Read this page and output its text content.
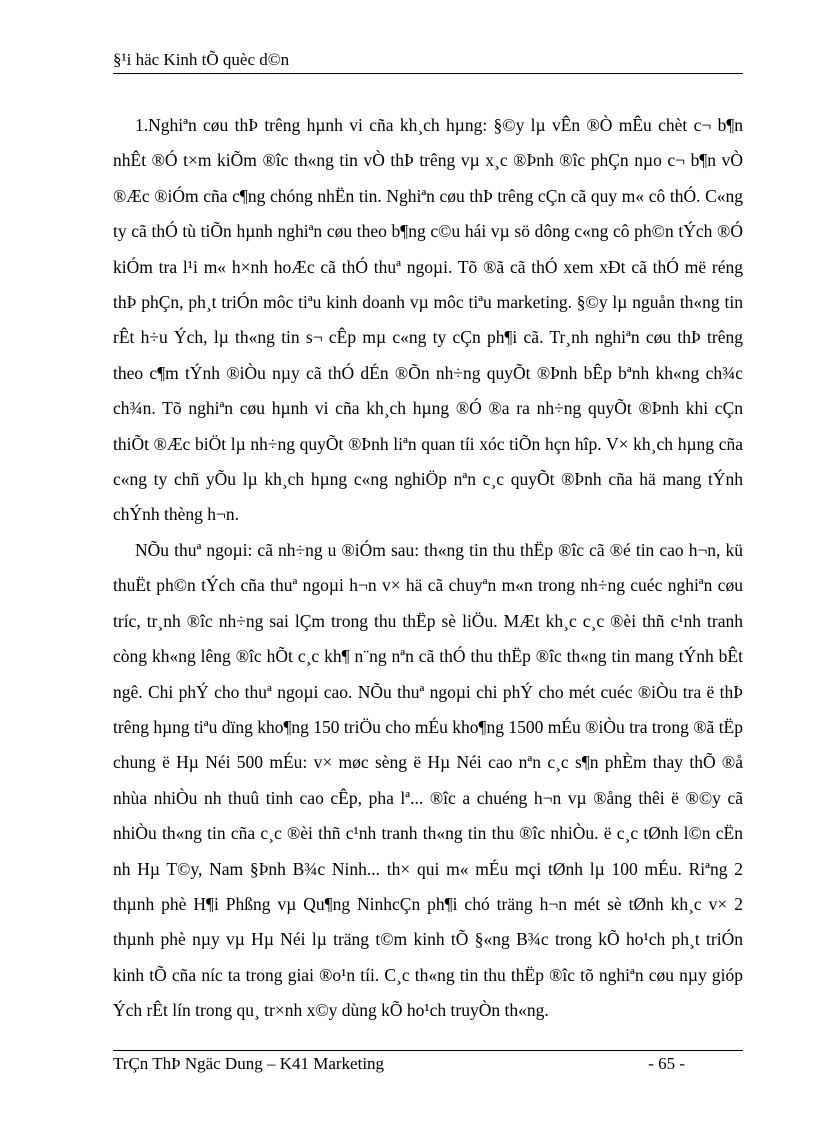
§¹i häc Kinh tÕ quèc d©n

1.Nghiªn cøu thÞ trêng hµnh vi cña kh¸ch hµng: §©y lµ vÊn ®Ò mÊu chèt c¬ b¶n nhÊt ®Ó t×m kiÕm ®îc th«ng tin vÒ thÞ trêng vµ x¸c ®Þnh ®îc phÇn nµo c¬ b¶n vÒ ®Æc ®iÓm cña c¶ng chóng nhËn tin. Nghiªn cøu thÞ trêng cÇn cã quy m« cô thÓ. C«ng ty cã thÓ tù tiÕn hµnh nghiªn cøu theo b¶ng c©u hái vµ sö dông c«ng cô ph©n tÝch ®Ó kiÓm tra l¹i m« h×nh hoÆc cã thÓ thuª ngoµi. Tõ ®ã cã thÓ xem xÐt cã thÓ më réng thÞ phÇn, ph¸t triÓn môc tiªu kinh doanh vµ môc tiªu marketing. §©y lµ nguån th«ng tin rÊt h÷u Ých, lµ th«ng tin s¬ cÊp mµ c«ng ty cÇn ph¶i cã. Tr¸nh nghiªn cøu thÞ trêng theo c¶m tÝnh ®iÒu nµy cã thÓ dÉn ®Õn nh÷ng quyÕt ®Þnh bÊp bªnh kh«ng ch¾c ch¾n. Tõ nghiªn cøu hµnh vi cña kh¸ch hµng ®Ó ®a ra nh÷ng quyÕt ®Þnh khi cÇn thiÕt ®Æc biÖt lµ nh÷ng quyÕt ®Þnh liªn quan tíi xóc tiÕn hçn hîp. V× kh¸ch hµng cña c«ng ty chñ yÕu lµ kh¸ch hµng c«ng nghiÖp nªn c¸c quyÕt ®Þnh cña hä mang tÝnh chÝnh thèng h¬n.

NÕu thuª ngoµi: cã nh÷ng u ®iÓm sau: th«ng tin thu thËp ®îc cã ®é tin cao h¬n, kü thuËt ph©n tÝch cña thuª ngoµi h¬n v× hä cã chuyªn m«n trong nh÷ng cuéc nghiªn cøu tríc, tr¸nh ®îc nh÷ng sai lÇm trong thu thËp sè liÖu. MÆt kh¸c c¸c ®èi thñ c¹nh tranh còng kh«ng lêng ®îc hÕt c¸c kh¶ n¨ng nªn cã thÓ thu thËp ®îc th«ng tin mang tÝnh bÊt ngê. Chi phÝ cho thuª ngoµi cao. NÕu thuª ngoµi chi phÝ cho mét cuéc ®iÒu tra ë thÞ trêng hµng tiªu dïng kho¶ng 150 triÖu cho mÉu kho¶ng 1500 mÉu ®iÒu tra trong ®ã tËp chung ë Hµ Néi 500 mÉu: v× møc sèng ë Hµ Néi cao nªn c¸c s¶n phÈm thay thÕ ®å nhùa nhiÒu nh thuû tinh cao cÊp, pha lª... ®îc a chuéng h¬n vµ ®ång thêi ë ®©y cã nhiÒu th«ng tin cña c¸c ®èi thñ c¹nh tranh th«ng tin thu ®îc nhiÒu. ë c¸c tØnh l©n cËn nh Hµ T©y, Nam §Þnh B¾c Ninh... th× qui m« mÉu mçi tØnh lµ 100 mÉu. Riªng 2 thµnh phè H¶i Phßng vµ Qu¶ng NinhcÇn ph¶i chó träng h¬n mét sè tØnh kh¸c v× 2 thµnh phè nµy vµ Hµ Néi lµ träng t©m kinh tÕ §«ng B¾c trong kÕ ho¹ch ph¸t triÓn kinh tÕ cña níc ta trong giai ®o¹n tíi. C¸c th«ng tin thu thËp ®îc tõ nghiªn cøu nµy gióp Ých rÊt lín trong qu¸ tr×nh x©y dùng kÕ ho¹ch truyÒn th«ng.

TrÇn ThÞ Ngäc Dung – K41 Marketing	- 65 -
